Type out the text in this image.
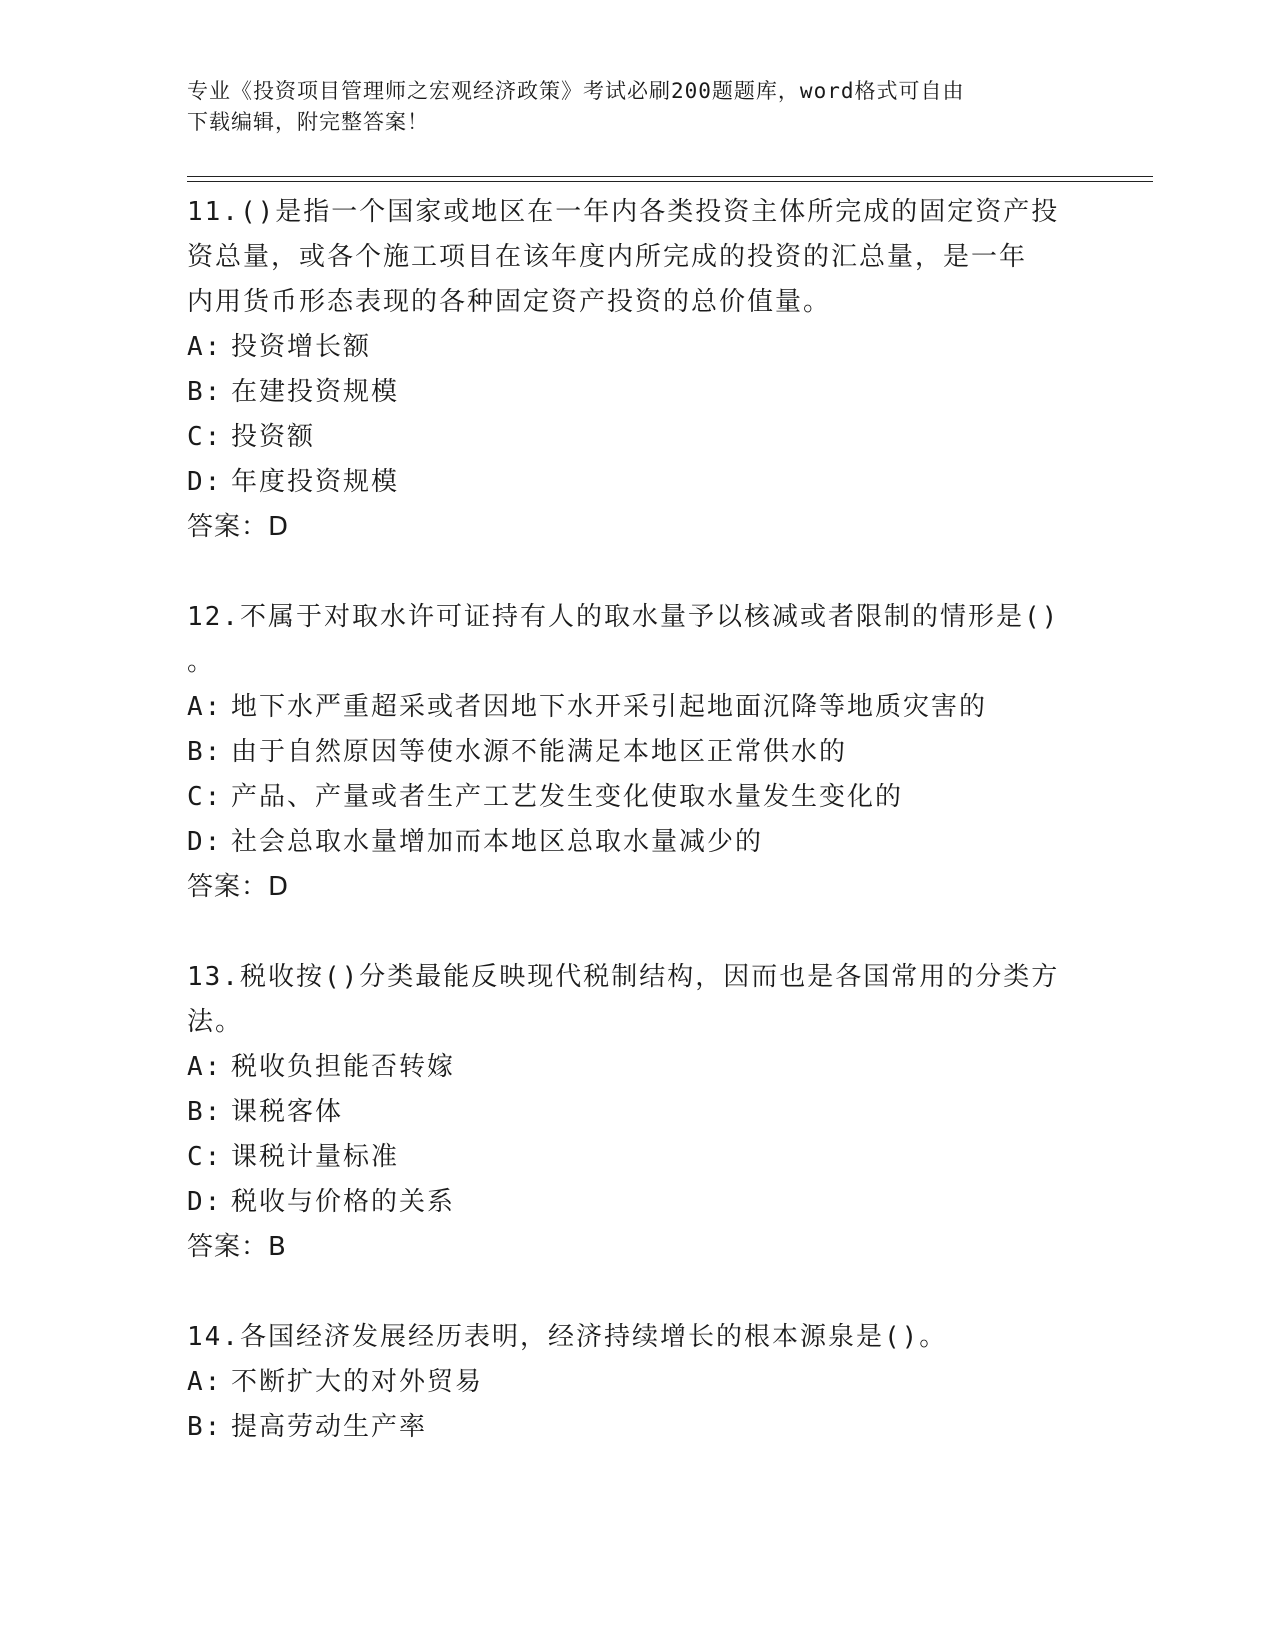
专业《投资项目管理师之宏观经济政策》考试必刷200题题库，word格式可自由
下载编辑，附完整答案！

11.()是指一个国家或地区在一年内各类投资主体所完成的固定资产投

资总量，或各个施工项目在该年度内所完成的投资的汇总量，是一年

内用货币形态表现的各种固定资产投资的总价值量。

A: 投资增长额

B: 在建投资规模

C: 投资额

D: 年度投资规模

答案：D

12.不属于对取水许可证持有人的取水量予以核减或者限制的情形是()

。

A: 地下水严重超采或者因地下水开采引起地面沉降等地质灾害的

B: 由于自然原因等使水源不能满足本地区正常供水的

C: 产品、产量或者生产工艺发生变化使取水量发生变化的

D: 社会总取水量增加而本地区总取水量减少的

答案：D

13.税收按()分类最能反映现代税制结构，因而也是各国常用的分类方

法。

A: 税收负担能否转嫁

B: 课税客体

C: 课税计量标准

D: 税收与价格的关系

答案：B

14.各国经济发展经历表明，经济持续增长的根本源泉是()。

A: 不断扩大的对外贸易

B: 提高劳动生产率
